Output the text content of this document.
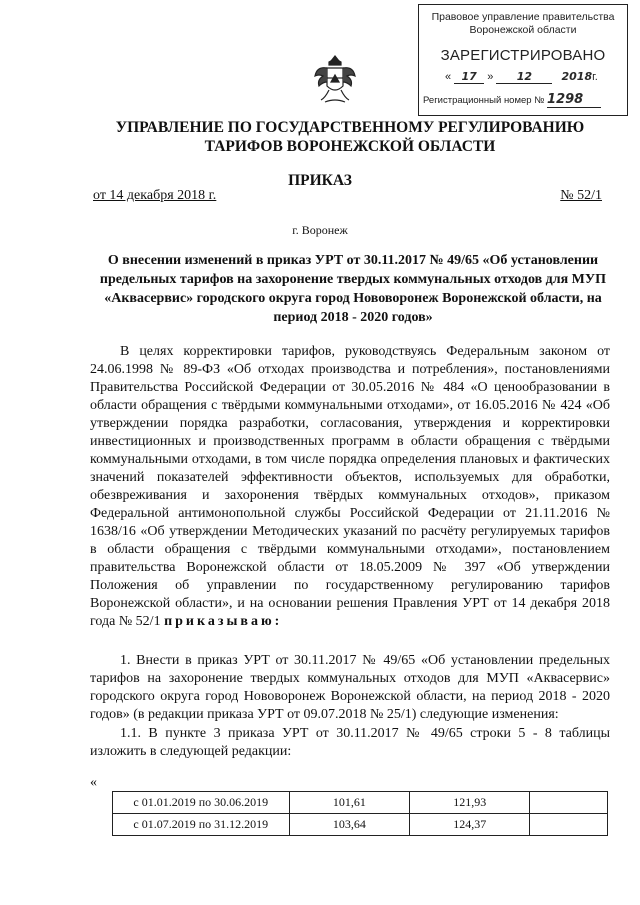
Правовое управление правительства Воронежской области
ЗАРЕГИСТРИРОВАНО
« 17 » 12	2018г.
Регистрационный номер № 1298
УПРАВЛЕНИЕ ПО ГОСУДАРСТВЕННОМУ РЕГУЛИРОВАНИЮ
ТАРИФОВ ВОРОНЕЖСКОЙ ОБЛАСТИ
ПРИКАЗ
от 14 декабря 2018 г.	№ 52/1
г. Воронеж
О внесении изменений в приказ УРТ от 30.11.2017 № 49/65 «Об установлении предельных тарифов на захоронение твердых коммунальных отходов для МУП «Аквасервис» городского округа город Нововоронеж Воронежской области, на период 2018 - 2020 годов»

В целях корректировки тарифов, руководствуясь Федеральным законом от 24.06.1998 № 89-ФЗ «Об отходах производства и потребления», постановлениями Правительства Российской Федерации от 30.05.2016 № 484 «О ценообразовании в области обращения с твёрдыми коммунальными отходами», от 16.05.2016 № 424 «Об утверждении порядка разработки, согласования, утверждения и корректировки инвестиционных и производственных программ в области обращения с твёрдыми коммунальными отходами, в том числе порядка определения плановых и фактических значений показателей эффективности объектов, используемых для обработки, обезвреживания и захоронения твёрдых коммунальных отходов», приказом Федеральной антимонопольной службы Российской Федерации от 21.11.2016 № 1638/16 «Об утверждении Методических указаний по расчёту регулируемых тарифов в области обращения с твёрдыми коммунальными отходами», постановлением правительства Воронежской области от 18.05.2009 № 397 «Об утверждении Положения об управлении по государственному регулированию тарифов Воронежской области», и на основании решения Правления УРТ от 14 декабря 2018 года № 52/1 приказываю:

1. Внести в приказ УРТ от 30.11.2017 № 49/65 «Об установлении предельных тарифов на захоронение твердых коммунальных отходов для МУП «Аквасервис» городского округа город Нововоронеж Воронежской области, на период 2018 - 2020 годов» (в редакции приказа УРТ от 09.07.2018 № 25/1) следующие изменения:

1.1. В пункте 3 приказа УРТ от 30.11.2017 № 49/65 строки 5 - 8 таблицы изложить в следующей редакции:

«
с 01.01.2019 по 30.06.2019	101,61	121,93	
с 01.07.2019 по 31.12.2019	103,64	124,37	
